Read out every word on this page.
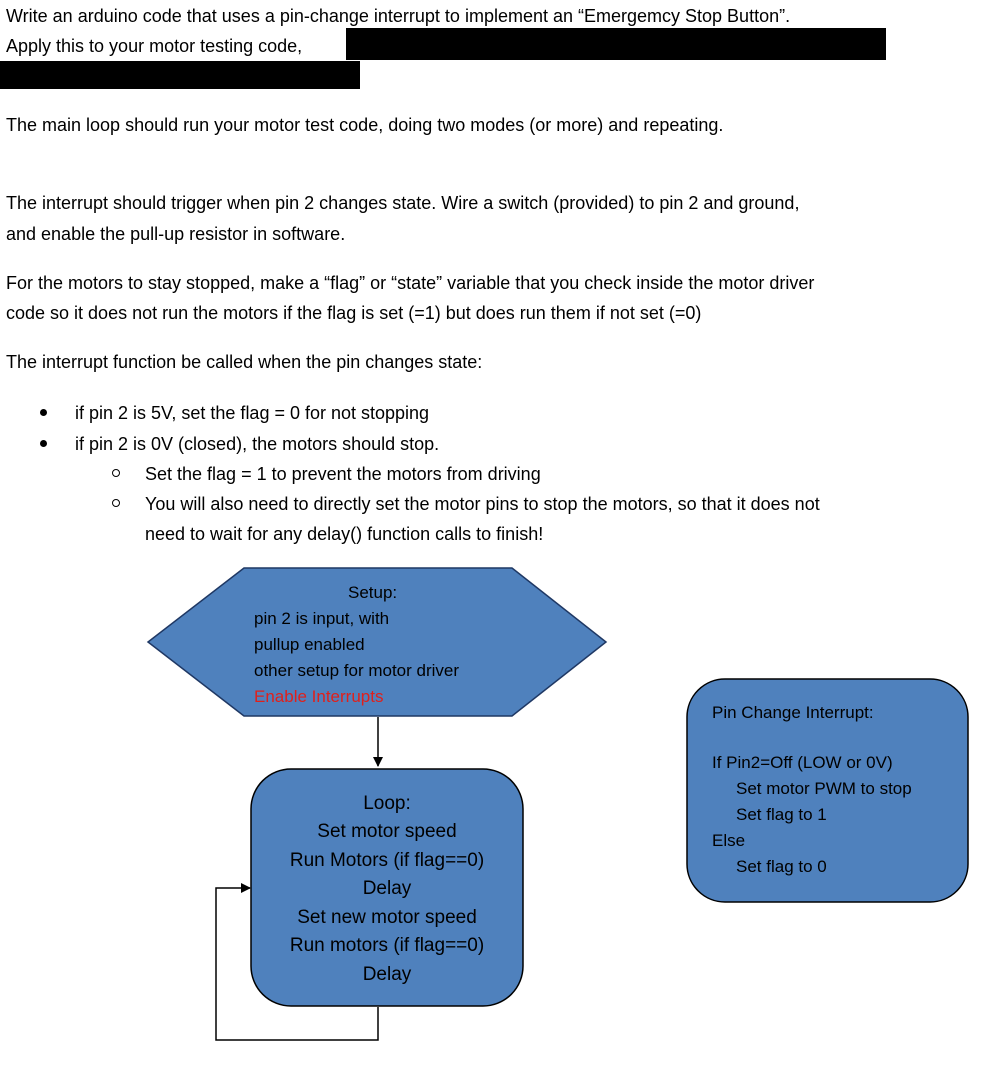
Write an arduino code that uses a pin-change interrupt to implement an “Emergemcy Stop Button”.
Apply this to your motor testing code,
The main loop should run your motor test code, doing two modes (or more) and repeating.
The interrupt should trigger when pin 2 changes state. Wire a switch (provided) to pin 2 and ground,
and enable the pull-up resistor in software.
For the motors to stay stopped, make a “flag” or “state” variable that you check inside the motor driver
code so it does not run the motors if the flag is set (=1) but does run them if not set (=0)
The interrupt function be called when the pin changes state:
if pin 2 is 5V, set the flag = 0 for not stopping
if pin 2 is 0V (closed), the motors should stop.
Set the flag = 1 to prevent the motors from driving
You will also need to directly set the motor pins to stop the motors, so that it does not
need to wait for any delay() function calls to finish!
Setup:
pin 2 is input, with
pullup enabled
other setup for motor driver
Enable Interrupts
Loop:
Set motor speed
Run Motors (if flag==0)
Delay
Set new motor speed
Run motors (if flag==0)
Delay
Pin Change Interrupt:
If Pin2=Off (LOW or 0V)
Set motor PWM to stop
Set flag to 1
Else
Set flag to 0
